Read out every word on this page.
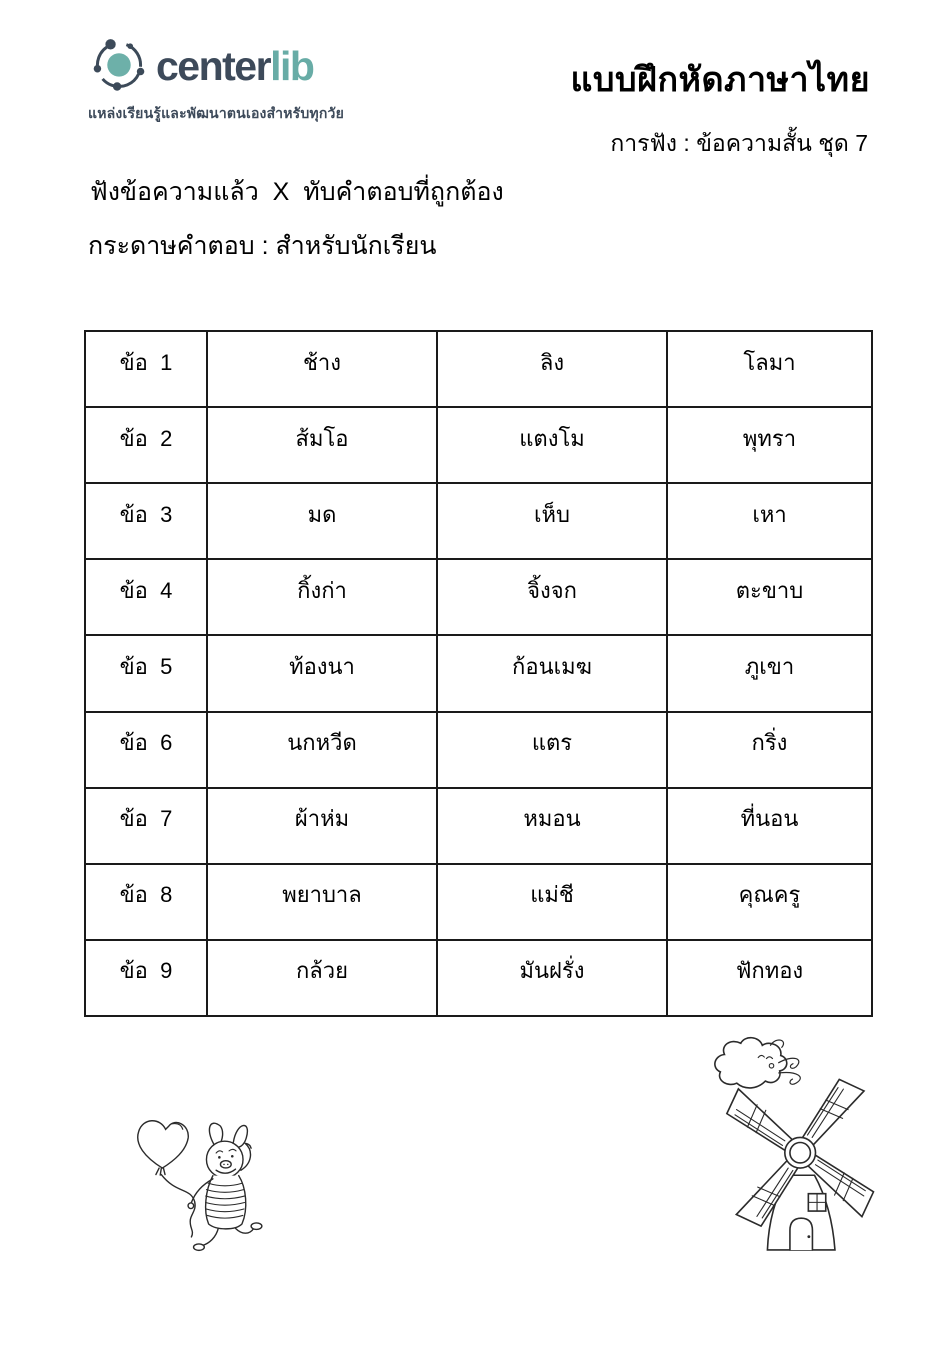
centerlib
แหล่งเรียนรู้และพัฒนาตนเองสำหรับทุกวัย
แบบฝึกหัดภาษาไทย
การฟัง : ข้อความสั้น ชุด 7
ฟังข้อความแล้ว  X  ทับคำตอบที่ถูกต้อง
กระดาษคำตอบ : สำหรับนักเรียน
ข้อ  1	ช้าง	ลิง	โลมา
ข้อ  2	ส้มโอ	แตงโม	พุทรา
ข้อ  3	มด	เห็บ	เหา
ข้อ  4	กิ้งก่า	จิ้งจก	ตะขาบ
ข้อ  5	ท้องนา	ก้อนเมฆ	ภูเขา
ข้อ  6	นกหวีด	แตร	กริ่ง
ข้อ  7	ผ้าห่ม	หมอน	ที่นอน
ข้อ  8	พยาบาล	แม่ชี	คุณครู
ข้อ  9	กล้วย	มันฝรั่ง	ฟักทอง
